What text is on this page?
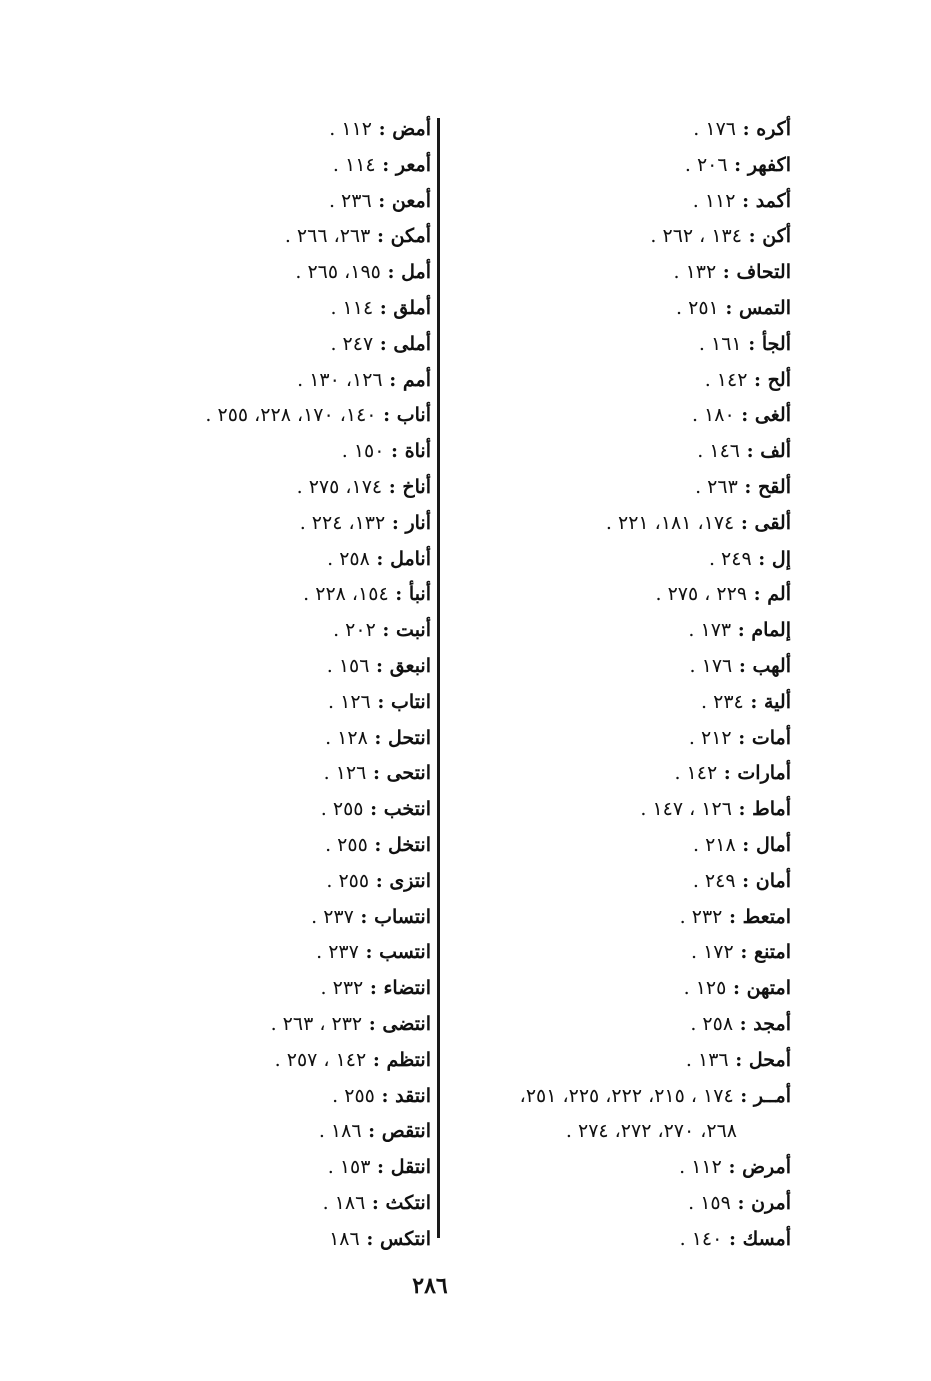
أكره : ١٧٦ .
اكفهر : ٢٠٦ .
أكمد : ١١٢ .
أكن : ١٣٤ ، ٢٦٢ .
التحاف : ١٣٢ .
التمس : ٢٥١ .
ألجأ : ١٦١ .
ألح : ١٤٢ .
ألغى : ١٨٠ .
ألف : ١٤٦ .
ألقح : ٢٦٣ .
ألقى : ١٧٤، ١٨١، ٢٢١ .
إل : ٢٤٩ .
ألم : ٢٢٩ ، ٢٧٥ .
إلمام : ١٧٣ .
ألهب : ١٧٦ .
ألية : ٢٣٤ .
أمات : ٢١٢ .
أمارات : ١٤٢ .
أماط : ١٢٦ ، ١٤٧ .
أمال : ٢١٨ .
أمان : ٢٤٩ .
امتعط : ٢٣٢ .
امتنع : ١٧٢ .
امتهن : ١٢٥ .
أمجد : ٢٥٨ .
أمحل : ١٣٦ .
أمــر : ١٧٤ ، ٢١٥، ٢٢٢، ٢٢٥، ٢٥١،
٢٦٨، ٢٧٠، ٢٧٢، ٢٧٤ .
أمرض : ١١٢ .
أمرن : ١٥٩ .
أمسك : ١٤٠ .
أمض : ١١٢ .
أمعر : ١١٤ .
أمعن : ٢٣٦ .
أمكن : ٢٦٣، ٢٦٦ .
أمل : ١٩٥، ٢٦٥ .
أملق : ١١٤ .
أملى : ٢٤٧ .
أمم : ١٢٦، ١٣٠ .
أناب : ١٤٠، ١٧٠، ٢٢٨، ٢٥٥ .
أناة : ١٥٠ .
أناخ : ١٧٤، ٢٧٥ .
أنار : ١٣٢، ٢٢٤ .
أنامل : ٢٥٨ .
أنبأ : ١٥٤، ٢٢٨ .
أنبت : ٢٠٢ .
انبعق : ١٥٦ .
انتاب : ١٢٦ .
انتحل : ١٢٨ .
انتحى : ١٢٦ .
انتخب : ٢٥٥ .
انتخل : ٢٥٥ .
انتزى : ٢٥٥ .
انتساب : ٢٣٧ .
انتسب : ٢٣٧ .
انتضاء : ٢٣٢ .
انتضى : ٢٣٢ ، ٢٦٣ .
انتظم : ١٤٢ ، ٢٥٧ .
انتقد : ٢٥٥ .
انتقص : ١٨٦ .
انتقل : ١٥٣ .
انتكث : ١٨٦ .
انتكس : ١٨٦
٢٨٦
